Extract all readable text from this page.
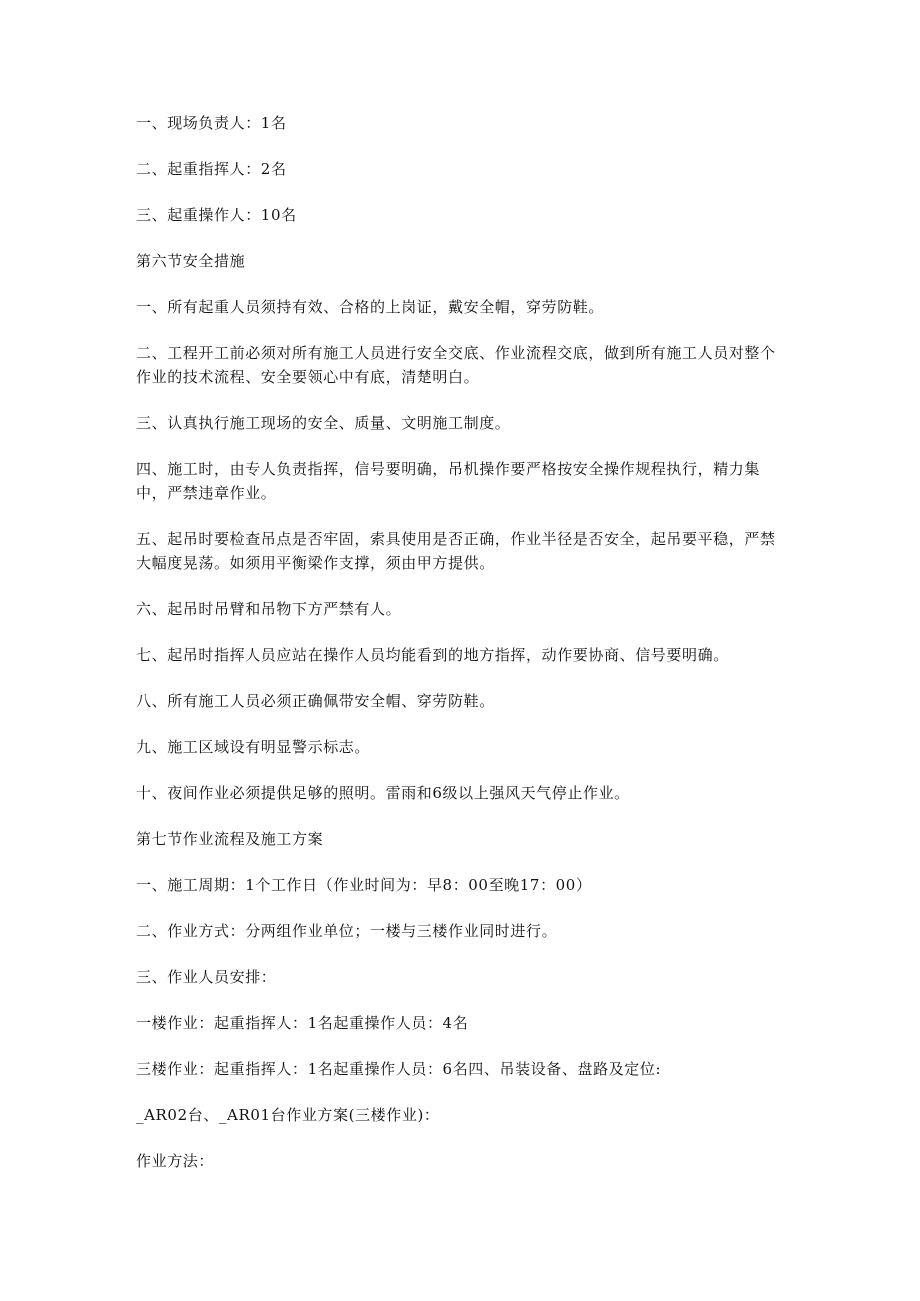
一、现场负责人：1名

二、起重指挥人：2名

三、起重操作人：10名

第六节安全措施

一、所有起重人员须持有效、合格的上岗证，戴安全帽，穿劳防鞋。

二、工程开工前必须对所有施工人员进行安全交底、作业流程交底，做到所有施工人员对整个作业的技术流程、安全要领心中有底，清楚明白。

三、认真执行施工现场的安全、质量、文明施工制度。

四、施工时，由专人负责指挥，信号要明确，吊机操作要严格按安全操作规程执行，精力集中，严禁违章作业。

五、起吊时要检查吊点是否牢固，索具使用是否正确，作业半径是否安全，起吊要平稳，严禁大幅度晃荡。如须用平衡梁作支撑，须由甲方提供。

六、起吊时吊臂和吊物下方严禁有人。

七、起吊时指挥人员应站在操作人员均能看到的地方指挥，动作要协商、信号要明确。

八、所有施工人员必须正确佩带安全帽、穿劳防鞋。

九、施工区域设有明显警示标志。

十、夜间作业必须提供足够的照明。雷雨和6级以上强风天气停止作业。

第七节作业流程及施工方案

一、施工周期：1个工作日（作业时间为：早8：00至晚17：00）

二、作业方式：分两组作业单位；一楼与三楼作业同时进行。

三、作业人员安排：

一楼作业：起重指挥人：1名起重操作人员：4名

三楼作业：起重指挥人：1名起重操作人员：6名四、吊装设备、盘路及定位:

_AR02台、_AR01台作业方案(三楼作业)：

作业方法：
